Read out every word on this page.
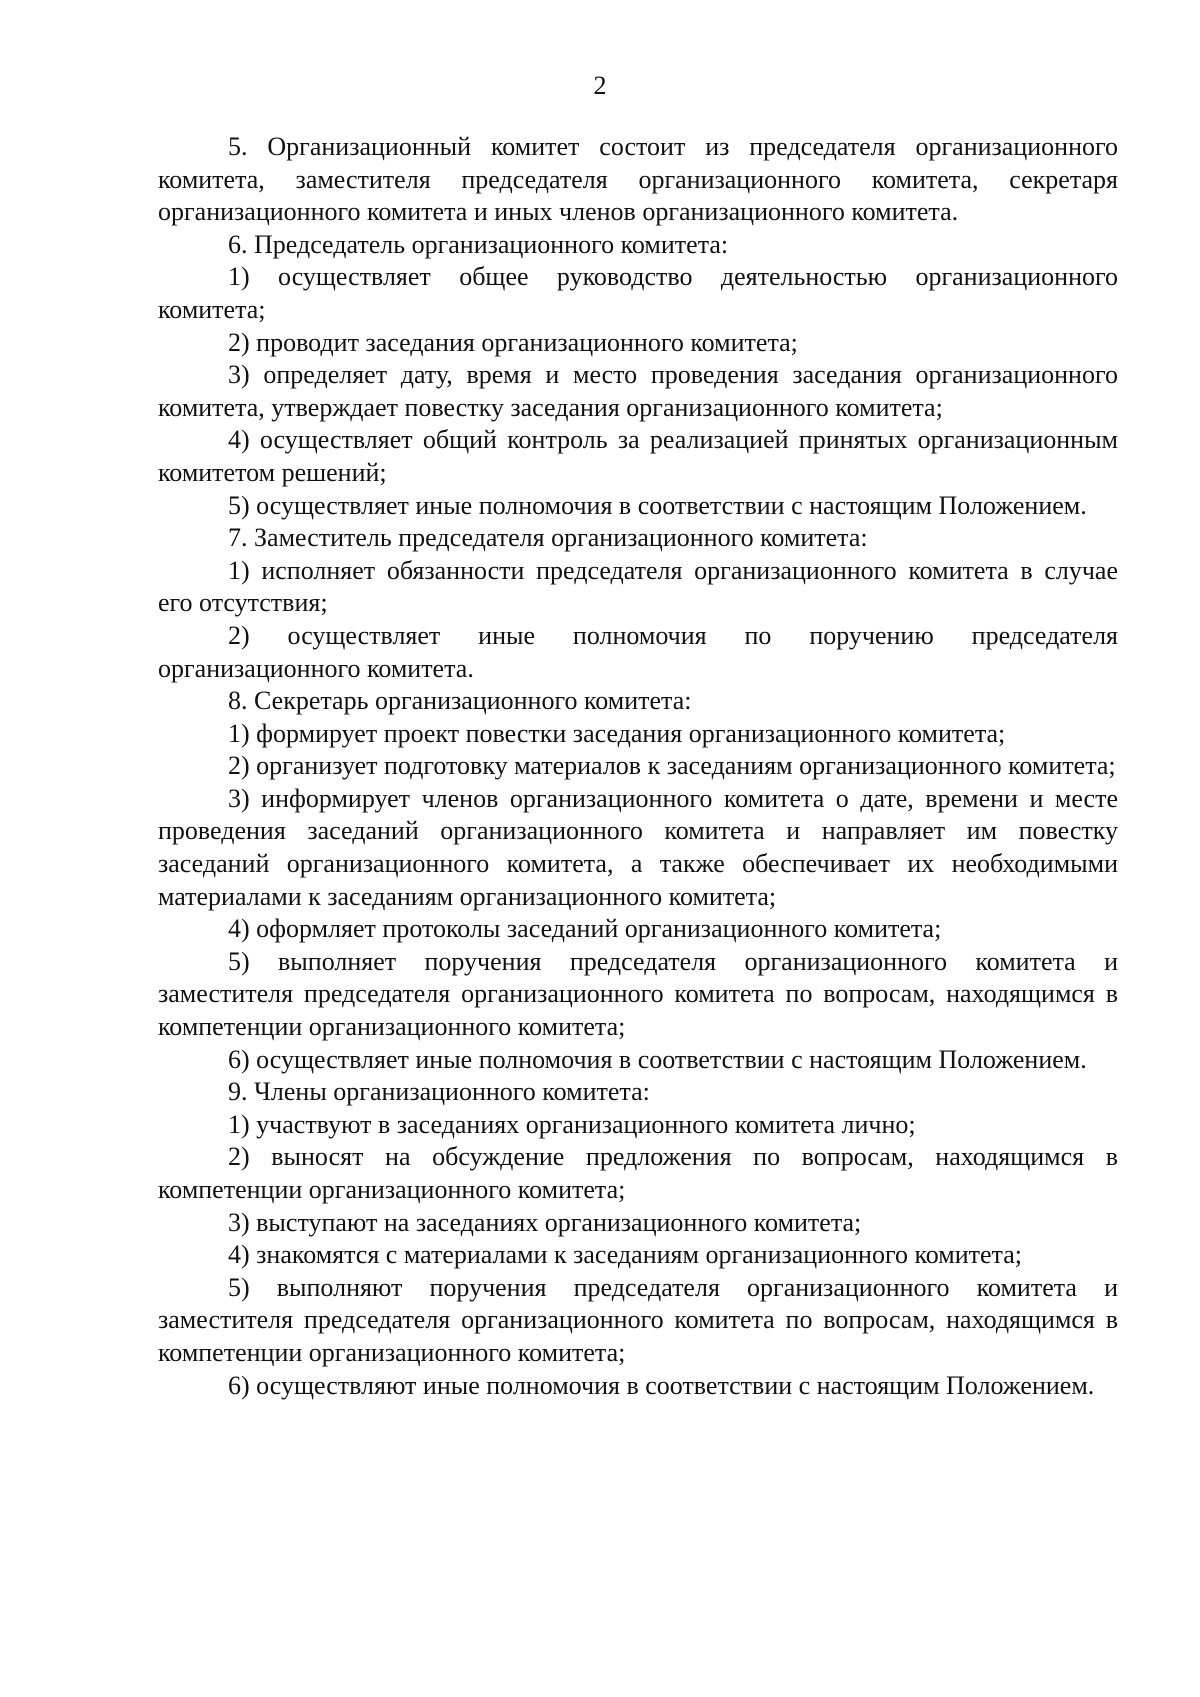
2

5. Организационный комитет состоит из председателя организационного комитета, заместителя председателя организационного комитета, секретаря организационного комитета и иных членов организационного комитета.

6. Председатель организационного комитета:

1) осуществляет общее руководство деятельностью организационного комитета;

2) проводит заседания организационного комитета;

3) определяет дату, время и место проведения заседания организационного комитета, утверждает повестку заседания организационного комитета;

4) осуществляет общий контроль за реализацией принятых организационным комитетом решений;

5) осуществляет иные полномочия в соответствии с настоящим Положением.

7. Заместитель председателя организационного комитета:

1) исполняет обязанности председателя организационного комитета в случае его отсутствия;

2) осуществляет иные полномочия по поручению председателя организационного комитета.

8. Секретарь организационного комитета:

1) формирует проект повестки заседания организационного комитета;

2) организует подготовку материалов к заседаниям организационного комитета;

3) информирует членов организационного комитета о дате, времени и месте проведения заседаний организационного комитета и направляет им повестку заседаний организационного комитета, а также обеспечивает их необходимыми материалами к заседаниям организационного комитета;

4) оформляет протоколы заседаний организационного комитета;

5) выполняет поручения председателя организационного комитета и заместителя председателя организационного комитета по вопросам, находящимся в компетенции организационного комитета;

6) осуществляет иные полномочия в соответствии с настоящим Положением.

9. Члены организационного комитета:

1) участвуют в заседаниях организационного комитета лично;

2) выносят на обсуждение предложения по вопросам, находящимся в компетенции организационного комитета;

3) выступают на заседаниях организационного комитета;

4) знакомятся с материалами к заседаниям организационного комитета;

5) выполняют поручения председателя организационного комитета и заместителя председателя организационного комитета по вопросам, находящимся в компетенции организационного комитета;

6) осуществляют иные полномочия в соответствии с настоящим Положением.
